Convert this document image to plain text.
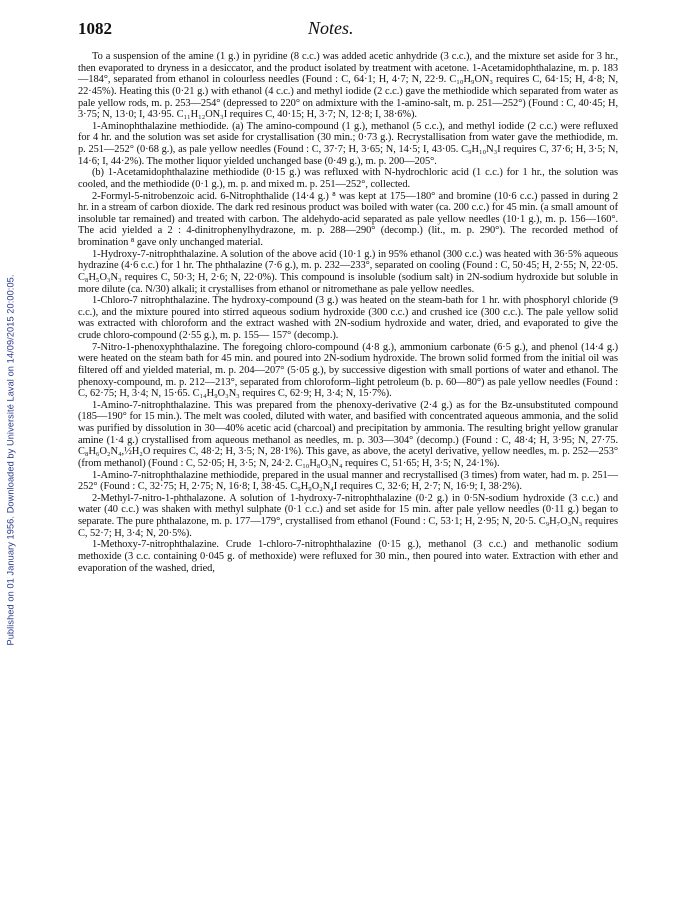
Published on 01 January 1956. Downloaded by Université Laval on 14/09/2015 20:00:05.
1082	Notes.

To a suspension of the amine (1 g.) in pyridine (8 c.c.) was added acetic anhydride (3 c.c.), and the mixture set aside for 3 hr., then evaporated to dryness in a desiccator, and the product isolated by treatment with acetone. 1-Acetamidophthalazine, m. p. 183—184°, separated from ethanol in colourless needles (Found : C, 64·1; H, 4·7; N, 22·9. C₁₀H₉ON₃ requires C, 64·15; H, 4·8; N, 22·45%). Heating this (0·21 g.) with ethanol (4 c.c.) and methyl iodide (2 c.c.) gave the methiodide which separated from water as pale yellow rods, m. p. 253—254° (depressed to 220° on admixture with the 1-amino-salt, m. p. 251—252°) (Found : C, 40·45; H, 3·75; N, 13·0; I, 43·95. C₁₁H₁₂ON₃I requires C, 40·15; H, 3·7; N, 12·8; I, 38·6%).

1-Aminophthalazine methiodide. (a) The amino-compound (1 g.), methanol (5 c.c.), and methyl iodide (2 c.c.) were refluxed for 4 hr. and the solution was set aside for crystallisation (30 min.; 0·73 g.). Recrystallisation from water gave the methiodide, m. p. 251—252° (0·68 g.), as pale yellow needles (Found : C, 37·7; H, 3·65; N, 14·5; I, 43·05. C₉H₁₀N₃I requires C, 37·6; H, 3·5; N, 14·6; I, 44·2%). The mother liquor yielded unchanged base (0·49 g.), m. p. 200—205°.

(b) 1-Acetamidophthalazine methiodide (0·15 g.) was refluxed with N-hydrochloric acid (1 c.c.) for 1 hr., the solution was cooled, and the methiodide (0·1 g.), m. p. and mixed m. p. 251—252°, collected.

2-Formyl-5-nitrobenzoic acid. 6-Nitrophthalide (14·4 g.) ⁸ was kept at 175—180° and bromine (10·6 c.c.) passed in during 2 hr. in a stream of carbon dioxide. The dark red resinous product was boiled with water (ca. 200 c.c.) for 45 min. (a small amount of insoluble tar remained) and treated with carbon. The aldehydo-acid separated as pale yellow needles (10·1 g.), m. p. 156—160°. The acid yielded a 2 : 4-dinitrophenylhydrazone, m. p. 288—290° (decomp.) (lit., m. p. 290°). The recorded method of bromination ⁸ gave only unchanged material.

1-Hydroxy-7-nitrophthalazine. A solution of the above acid (10·1 g.) in 95% ethanol (300 c.c.) was heated with 36·5% aqueous hydrazine (4·6 c.c.) for 1 hr. The phthalazine (7·6 g.), m. p. 232—233°, separated on cooling (Found : C, 50·45; H, 2·55; N, 22·05. C₈H₅O₃N₃ requires C, 50·3; H, 2·6; N, 22·0%). This compound is insoluble (sodium salt) in 2N-sodium hydroxide but soluble in more dilute (ca. N/30) alkali; it crystallises from ethanol or nitromethane as pale yellow needles.

1-Chloro-7 nitrophthalazine. The hydroxy-compound (3 g.) was heated on the steam-bath for 1 hr. with phosphoryl chloride (9 c.c.), and the mixture poured into stirred aqueous sodium hydroxide (300 c.c.) and crushed ice (300 c.c.). The pale yellow solid was extracted with chloroform and the extract washed with 2N-sodium hydroxide and water, dried, and evaporated to give the crude chloro-compound (2·55 g.), m. p. 155— 157° (decomp.).

7-Nitro-1-phenoxyphthalazine. The foregoing chloro-compound (4·8 g.), ammonium carbonate (6·5 g.), and phenol (14·4 g.) were heated on the steam bath for 45 min. and poured into 2N-sodium hydroxide. The brown solid formed from the initial oil was filtered off and yielded material, m. p. 204—207° (5·05 g.), by successive digestion with small portions of water and ethanol. The phenoxy-compound, m. p. 212—213°, separated from chloroform–light petroleum (b. p. 60—80°) as pale yellow needles (Found : C, 62·75; H, 3·4; N, 15·65. C₁₄H₉O₃N₃ requires C, 62·9; H, 3·4; N, 15·7%).

1-Amino-7-nitrophthalazine. This was prepared from the phenoxy-derivative (2·4 g.) as for the Bz-unsubstituted compound (185—190° for 15 min.). The melt was cooled, diluted with water, and basified with concentrated aqueous ammonia, and the solid was purified by dissolution in 30—40% acetic acid (charcoal) and precipitation by ammonia. The resulting bright yellow granular amine (1·4 g.) crystallised from aqueous methanol as needles, m. p. 303—304° (decomp.) (Found : C, 48·4; H, 3·95; N, 27·75. C₈H₆O₂N₄,½H₂O requires C, 48·2; H, 3·5; N, 28·1%). This gave, as above, the acetyl derivative, yellow needles, m. p. 252—253° (from methanol) (Found : C, 52·05; H, 3·5; N, 24·2. C₁₀H₈O₃N₄ requires C, 51·65; H, 3·5; N, 24·1%).

1-Amino-7-nitrophthalazine methiodide, prepared in the usual manner and recrystallised (3 times) from water, had m. p. 251—252° (Found : C, 32·75; H, 2·75; N, 16·8; I, 38·45. C₉H₉O₂N₄I requires C, 32·6; H, 2·7; N, 16·9; I, 38·2%).

2-Methyl-7-nitro-1-phthalazone. A solution of 1-hydroxy-7-nitrophthalazine (0·2 g.) in 0·5N-sodium hydroxide (3 c.c.) and water (40 c.c.) was shaken with methyl sulphate (0·1 c.c.) and set aside for 15 min. after pale yellow needles (0·11 g.) began to separate. The pure phthalazone, m. p. 177—179°, crystallised from ethanol (Found : C, 53·1; H, 2·95; N, 20·5. C₉H₇O₃N₃ requires C, 52·7; H, 3·4; N, 20·5%).

1-Methoxy-7-nitrophthalazine. Crude 1-chloro-7-nitrophthalazine (0·15 g.), methanol (3 c.c.) and methanolic sodium methoxide (3 c.c. containing 0·045 g. of methoxide) were refluxed for 30 min., then poured into water. Extraction with ether and evaporation of the washed, dried,
